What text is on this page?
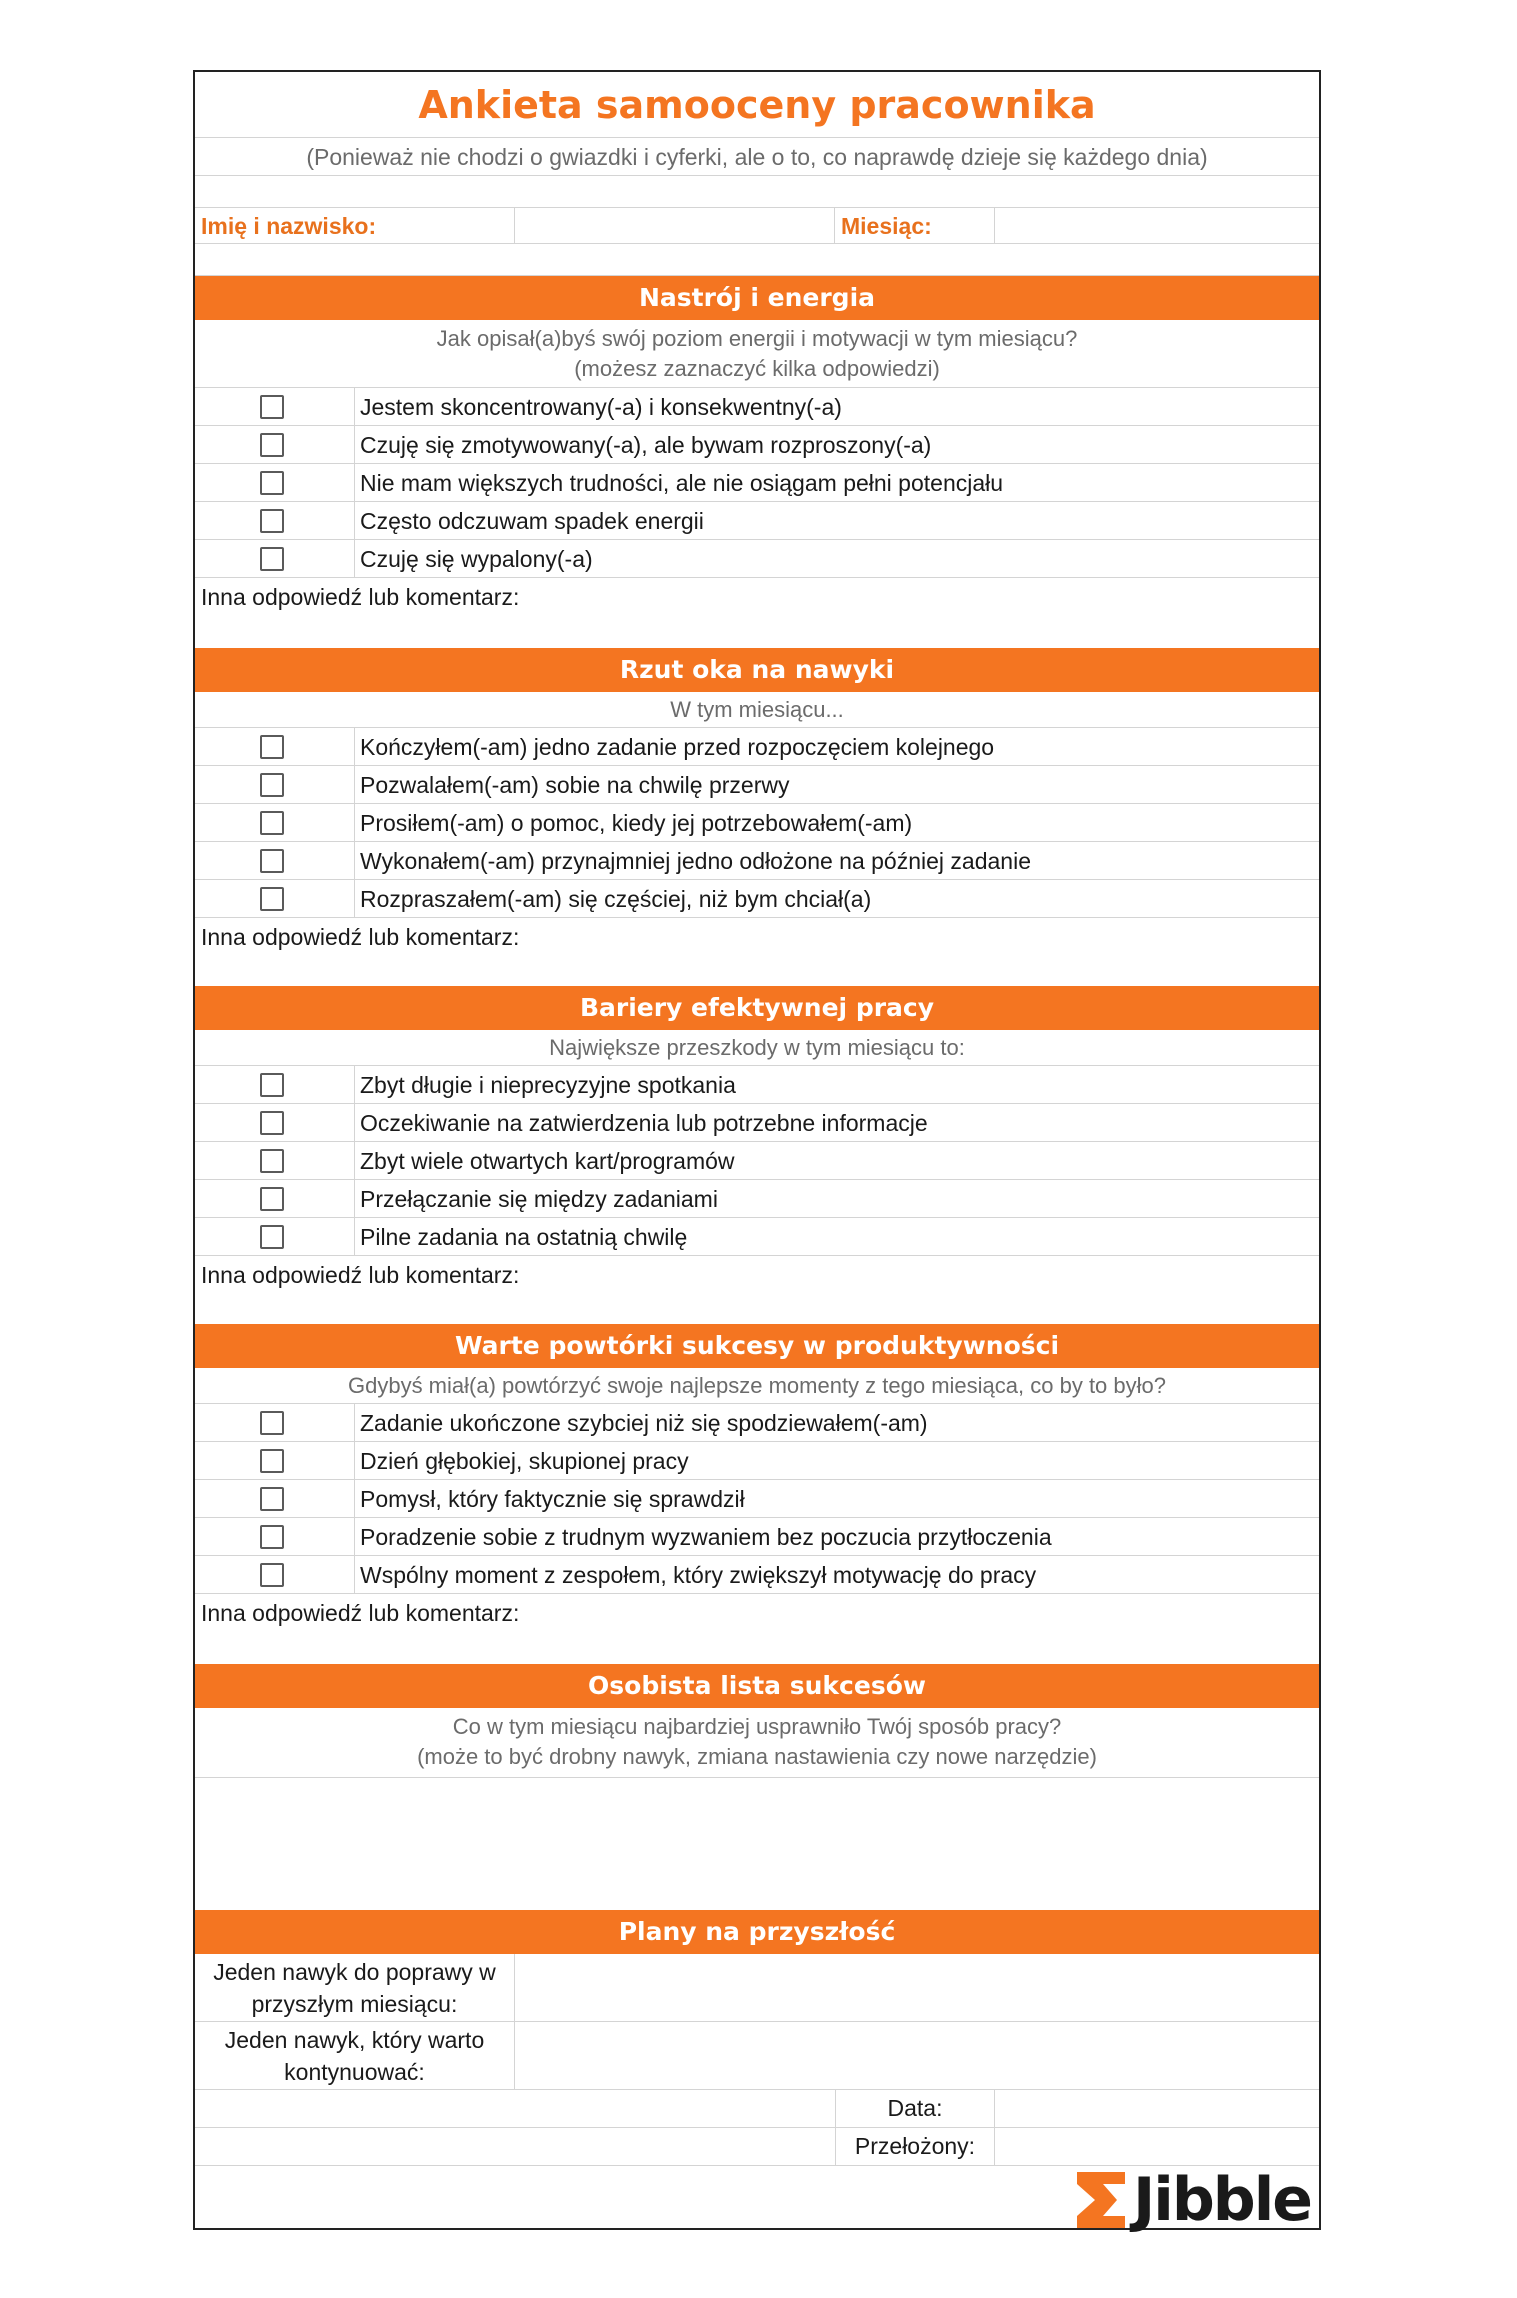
Ankieta samooceny pracownika
(Ponieważ nie chodzi o gwiazdki i cyferki, ale o to, co naprawdę dzieje się każdego dnia)
Imię i nazwisko:	Miesiąc:
Nastrój i energia
Jak opisał(a)byś swój poziom energii i motywacji w tym miesiącu?
(możesz zaznaczyć kilka odpowiedzi)
Jestem skoncentrowany(-a) i konsekwentny(-a)
Czuję się zmotywowany(-a), ale bywam rozproszony(-a)
Nie mam większych trudności, ale nie osiągam pełni potencjału
Często odczuwam spadek energii
Czuję się wypalony(-a)
Inna odpowiedź lub komentarz:
Rzut oka na nawyki
W tym miesiącu...
Kończyłem(-am) jedno zadanie przed rozpoczęciem kolejnego
Pozwalałem(-am) sobie na chwilę przerwy
Prosiłem(-am) o pomoc, kiedy jej potrzebowałem(-am)
Wykonałem(-am) przynajmniej jedno odłożone na później zadanie
Rozpraszałem(-am) się częściej, niż bym chciał(a)
Inna odpowiedź lub komentarz:
Bariery efektywnej pracy
Największe przeszkody w tym miesiącu to:
Zbyt długie i nieprecyzyjne spotkania
Oczekiwanie na zatwierdzenia lub potrzebne informacje
Zbyt wiele otwartych kart/programów
Przełączanie się między zadaniami
Pilne zadania na ostatnią chwilę
Inna odpowiedź lub komentarz:
Warte powtórki sukcesy w produktywności
Gdybyś miał(a) powtórzyć swoje najlepsze momenty z tego miesiąca, co by to było?
Zadanie ukończone szybciej niż się spodziewałem(-am)
Dzień głębokiej, skupionej pracy
Pomysł, który faktycznie się sprawdził
Poradzenie sobie z trudnym wyzwaniem bez poczucia przytłoczenia
Wspólny moment z zespołem, który zwiększył motywację do pracy
Inna odpowiedź lub komentarz:
Osobista lista sukcesów
Co w tym miesiącu najbardziej usprawniło Twój sposób pracy?
(może to być drobny nawyk, zmiana nastawienia czy nowe narzędzie)
Plany na przyszłość
Jeden nawyk do poprawy w
przyszłym miesiącu:
Jeden nawyk, który warto
kontynuować:
Data:
Przełożony:
Jibble
